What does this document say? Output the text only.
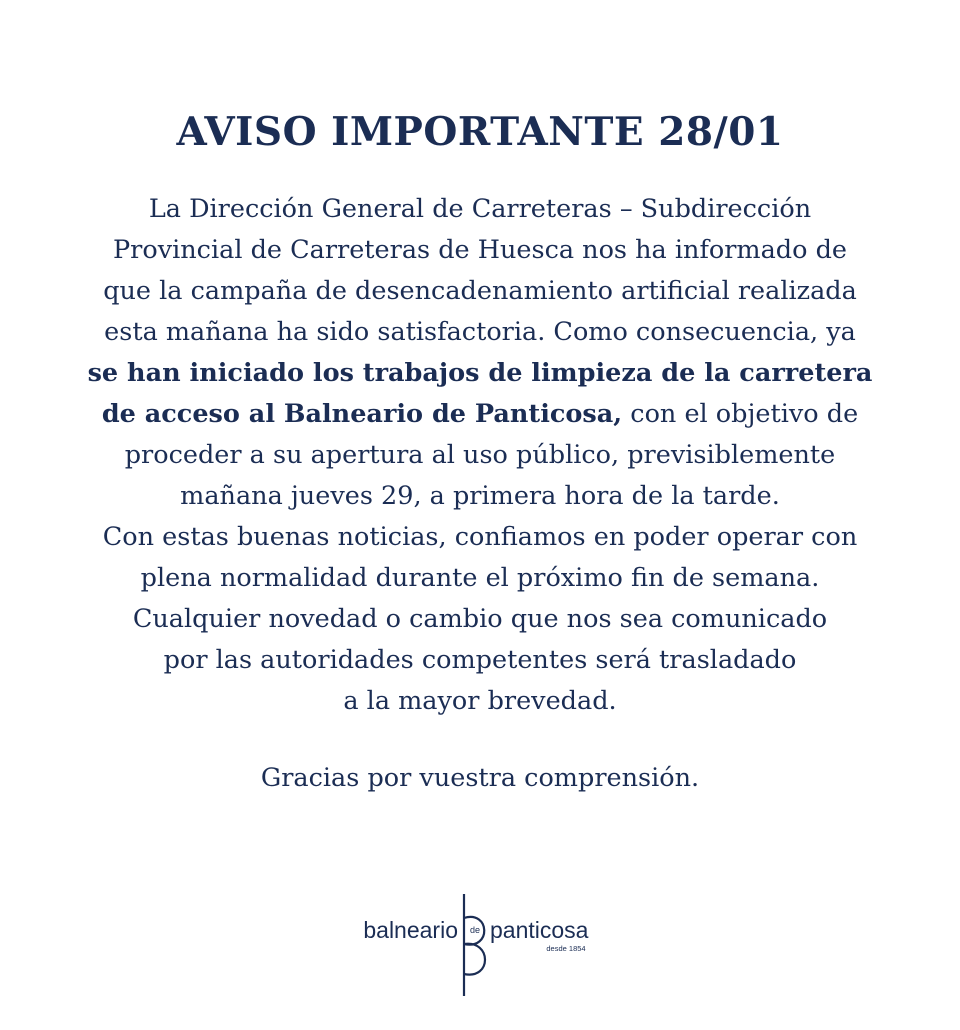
AVISO IMPORTANTE 28/01

La Dirección General de Carreteras – Subdirección
Provincial de Carreteras de Huesca nos ha informado de
que la campaña de desencadenamiento artificial realizada
esta mañana ha sido satisfactoria. Como consecuencia, ya
se han iniciado los trabajos de limpieza de la carretera
de acceso al Balneario de Panticosa, con el objetivo de
proceder a su apertura al uso público, previsiblemente
mañana jueves 29, a primera hora de la tarde.
Con estas buenas noticias, confiamos en poder operar con
plena normalidad durante el próximo fin de semana.
Cualquier novedad o cambio que nos sea comunicado
por las autoridades competentes será trasladado
a la mayor brevedad.

Gracias por vuestra comprensión.

balneario de panticosa
desde 1854
